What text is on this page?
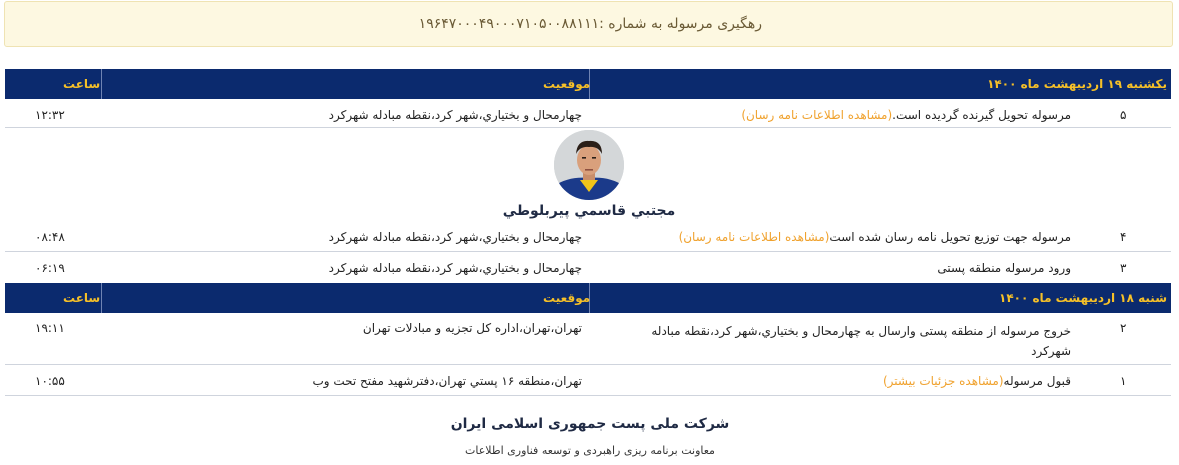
رهگیری مرسوله به شماره :۱۹۶۴۷۰۰۰۴۹۰۰۰۷۱۰۵۰۰۸۸۱۱۱
یکشنبه ۱۹ اردیبهشت ماه ۱۴۰۰
موقعیت
ساعت
۵
مرسوله تحویل گیرنده گردیده است.(مشاهده اطلاعات نامه رسان)
چهارمحال و بختياري،شهر كرد،نقطه مبادله شهركرد
۱۲:۳۲
مجتبي قاسمي پيربلوطي
۴
مرسوله جهت توزیع تحویل نامه رسان شده است(مشاهده اطلاعات نامه رسان)
چهارمحال و بختياري،شهر كرد،نقطه مبادله شهركرد
۰۸:۴۸
۳
ورود مرسوله منطقه پستی
چهارمحال و بختياري،شهر كرد،نقطه مبادله شهركرد
۰۶:۱۹
شنبه ۱۸ اردیبهشت ماه ۱۴۰۰
موقعیت
ساعت
۲
خروج مرسوله از منطقه پستی وارسال به چهارمحال و بختياري،شهر كرد،نقطه مبادله
شهركرد
تهران،تهران،اداره كل تجزيه و مبادلات تهران
۱۹:۱۱
۱
قبول مرسوله(مشاهده جزئیات بیشتر)
تهران،منطقه ۱۶ پستي تهران،دفترشهيد مفتح تحت وب
۱۰:۵۵
شرکت ملی پست جمهوری اسلامی ایران
معاونت برنامه ریزی راهبردی و توسعه فناوری اطلاعات
